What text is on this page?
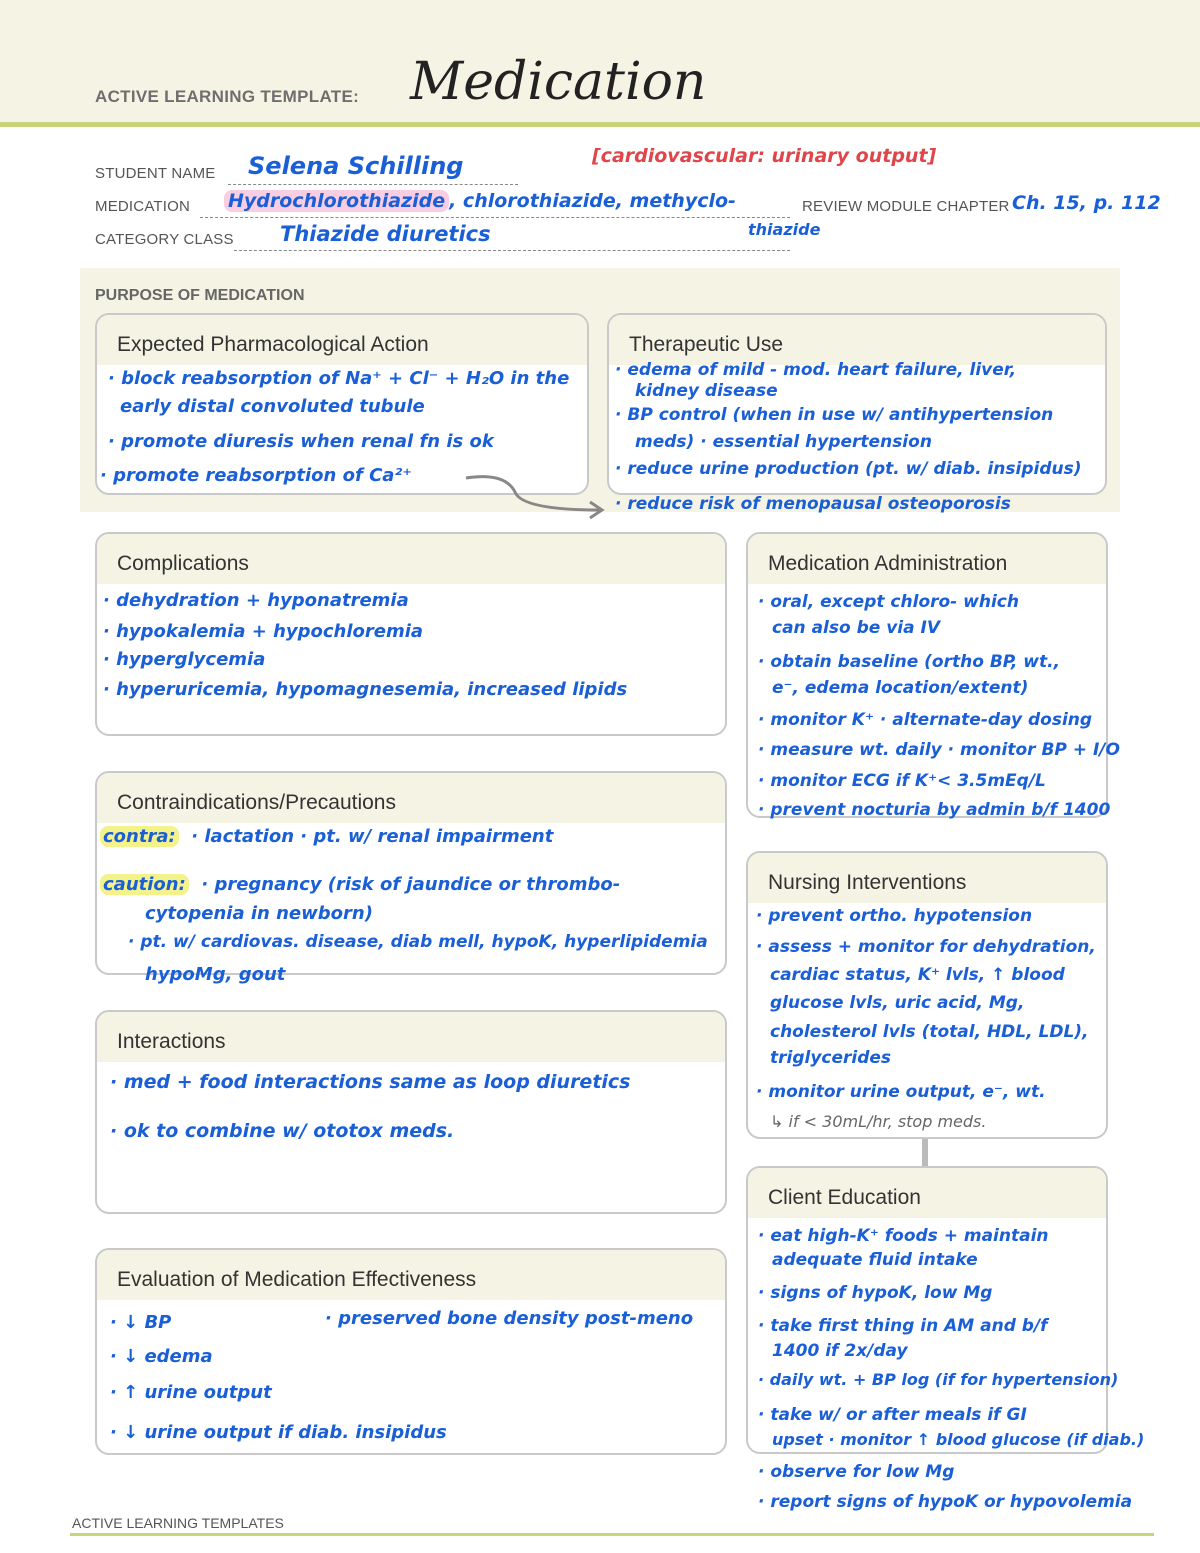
ACTIVE LEARNING TEMPLATE: Medication
STUDENT NAME Selena Schilling	[cardiovascular: urinary output]
MEDICATION Hydrochlorothiazide , chlorothiazide, methyclo-
thiazide
REVIEW MODULE CHAPTER Ch. 15, p. 112
CATEGORY CLASS Thiazide diuretics
PURPOSE OF MEDICATION
Expected Pharmacological Action
· block reabsorption of Na⁺ + Cl⁻ + H₂O in the
early distal convoluted tubule
· promote diuresis when renal fn is ok
· promote reabsorption of Ca²⁺
Therapeutic Use
· edema of mild - mod. heart failure, liver,
kidney disease
· BP control (when in use w/ antihypertension
meds) · essential hypertension
· reduce urine production (pt. w/ diab. insipidus)
· reduce risk of menopausal osteoporosis
Complications
· dehydration + hyponatremia
· hypokalemia + hypochloremia
· hyperglycemia
· hyperuricemia, hypomagnesemia, increased lipids
Medication Administration
· oral, except chloro- which
can also be via IV
· obtain baseline (ortho BP, wt.,
e⁻, edema location/extent)
· monitor K⁺ · alternate-day dosing
· measure wt. daily · monitor BP + I/O
· monitor ECG if K⁺< 3.5mEq/L
· prevent nocturia by admin b/f 1400
Contraindications/Precautions
contra: · lactation · pt. w/ renal impairment
caution: · pregnancy (risk of jaundice or thrombo-
cytopenia in newborn)
· pt. w/ cardiovas. disease, diab mell, hypoK, hyperlipidemia
hypoMg, gout
Nursing Interventions
· prevent ortho. hypotension
· assess + monitor for dehydration,
cardiac status, K⁺ lvls, ↑ blood
glucose lvls, uric acid, Mg,
cholesterol lvls (total, HDL, LDL),
triglycerides
· monitor urine output, e⁻, wt.
↳ if < 30mL/hr, stop meds.
Interactions
· med + food interactions same as loop diuretics
· ok to combine w/ ototox meds.
Client Education
· eat high-K⁺ foods + maintain
adequate fluid intake
· signs of hypoK, low Mg
· take first thing in AM and b/f
1400 if 2x/day
· daily wt. + BP log (if for hypertension)
· take w/ or after meals if GI
upset · monitor ↑ blood glucose (if diab.)
· observe for low Mg
· report signs of hypoK or hypovolemia
Evaluation of Medication Effectiveness
· ↓ BP	· preserved bone density post-meno
· ↓ edema
· ↑ urine output
· ↓ urine output if diab. insipidus
ACTIVE LEARNING TEMPLATES
